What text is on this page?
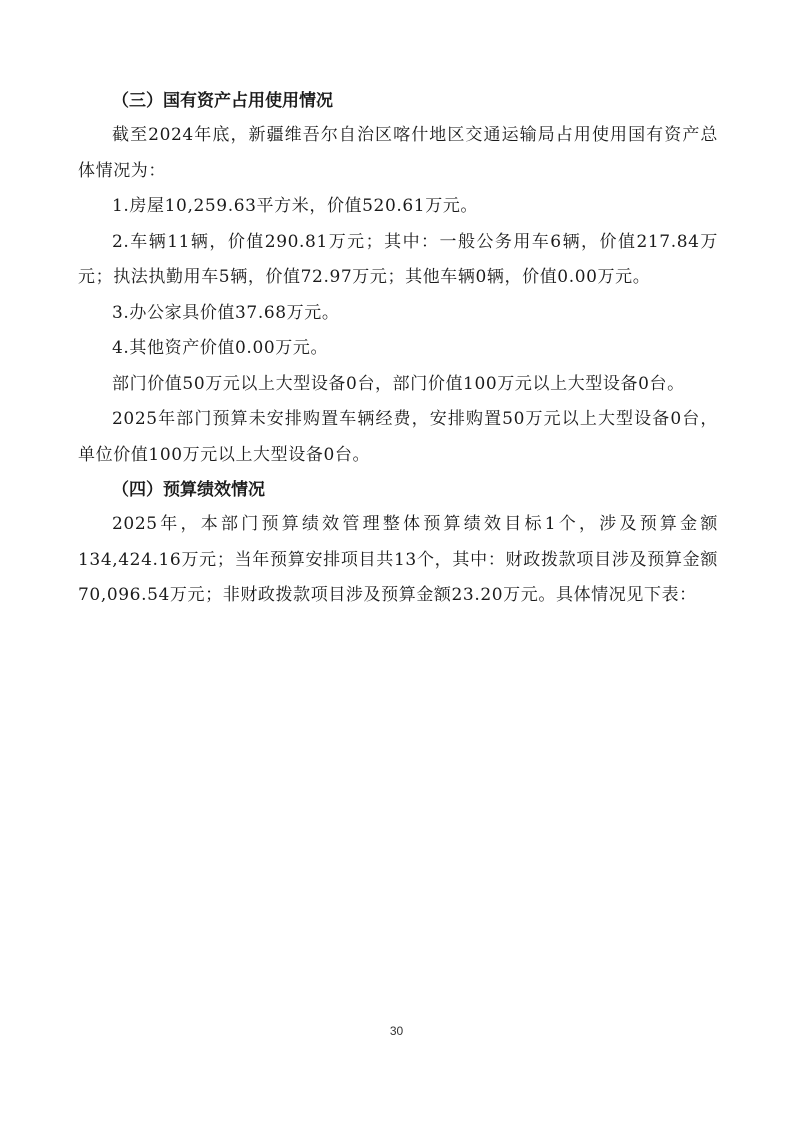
（三）国有资产占用使用情况

截至2024年底，新疆维吾尔自治区喀什地区交通运输局占用使用国有资产总体情况为：

1.房屋10,259.63平方米，价值520.61万元。

2.车辆11辆，价值290.81万元；其中：一般公务用车6辆，价值217.84万元；执法执勤用车5辆，价值72.97万元；其他车辆0辆，价值0.00万元。

3.办公家具价值37.68万元。

4.其他资产价值0.00万元。

部门价值50万元以上大型设备0台，部门价值100万元以上大型设备0台。

2025年部门预算未安排购置车辆经费，安排购置50万元以上大型设备0台，单位价值100万元以上大型设备0台。

（四）预算绩效情况

2025年，本部门预算绩效管理整体预算绩效目标1个，涉及预算金额134,424.16万元；当年预算安排项目共13个，其中：财政拨款项目涉及预算金额70,096.54万元；非财政拨款项目涉及预算金额23.20万元。具体情况见下表：

30
